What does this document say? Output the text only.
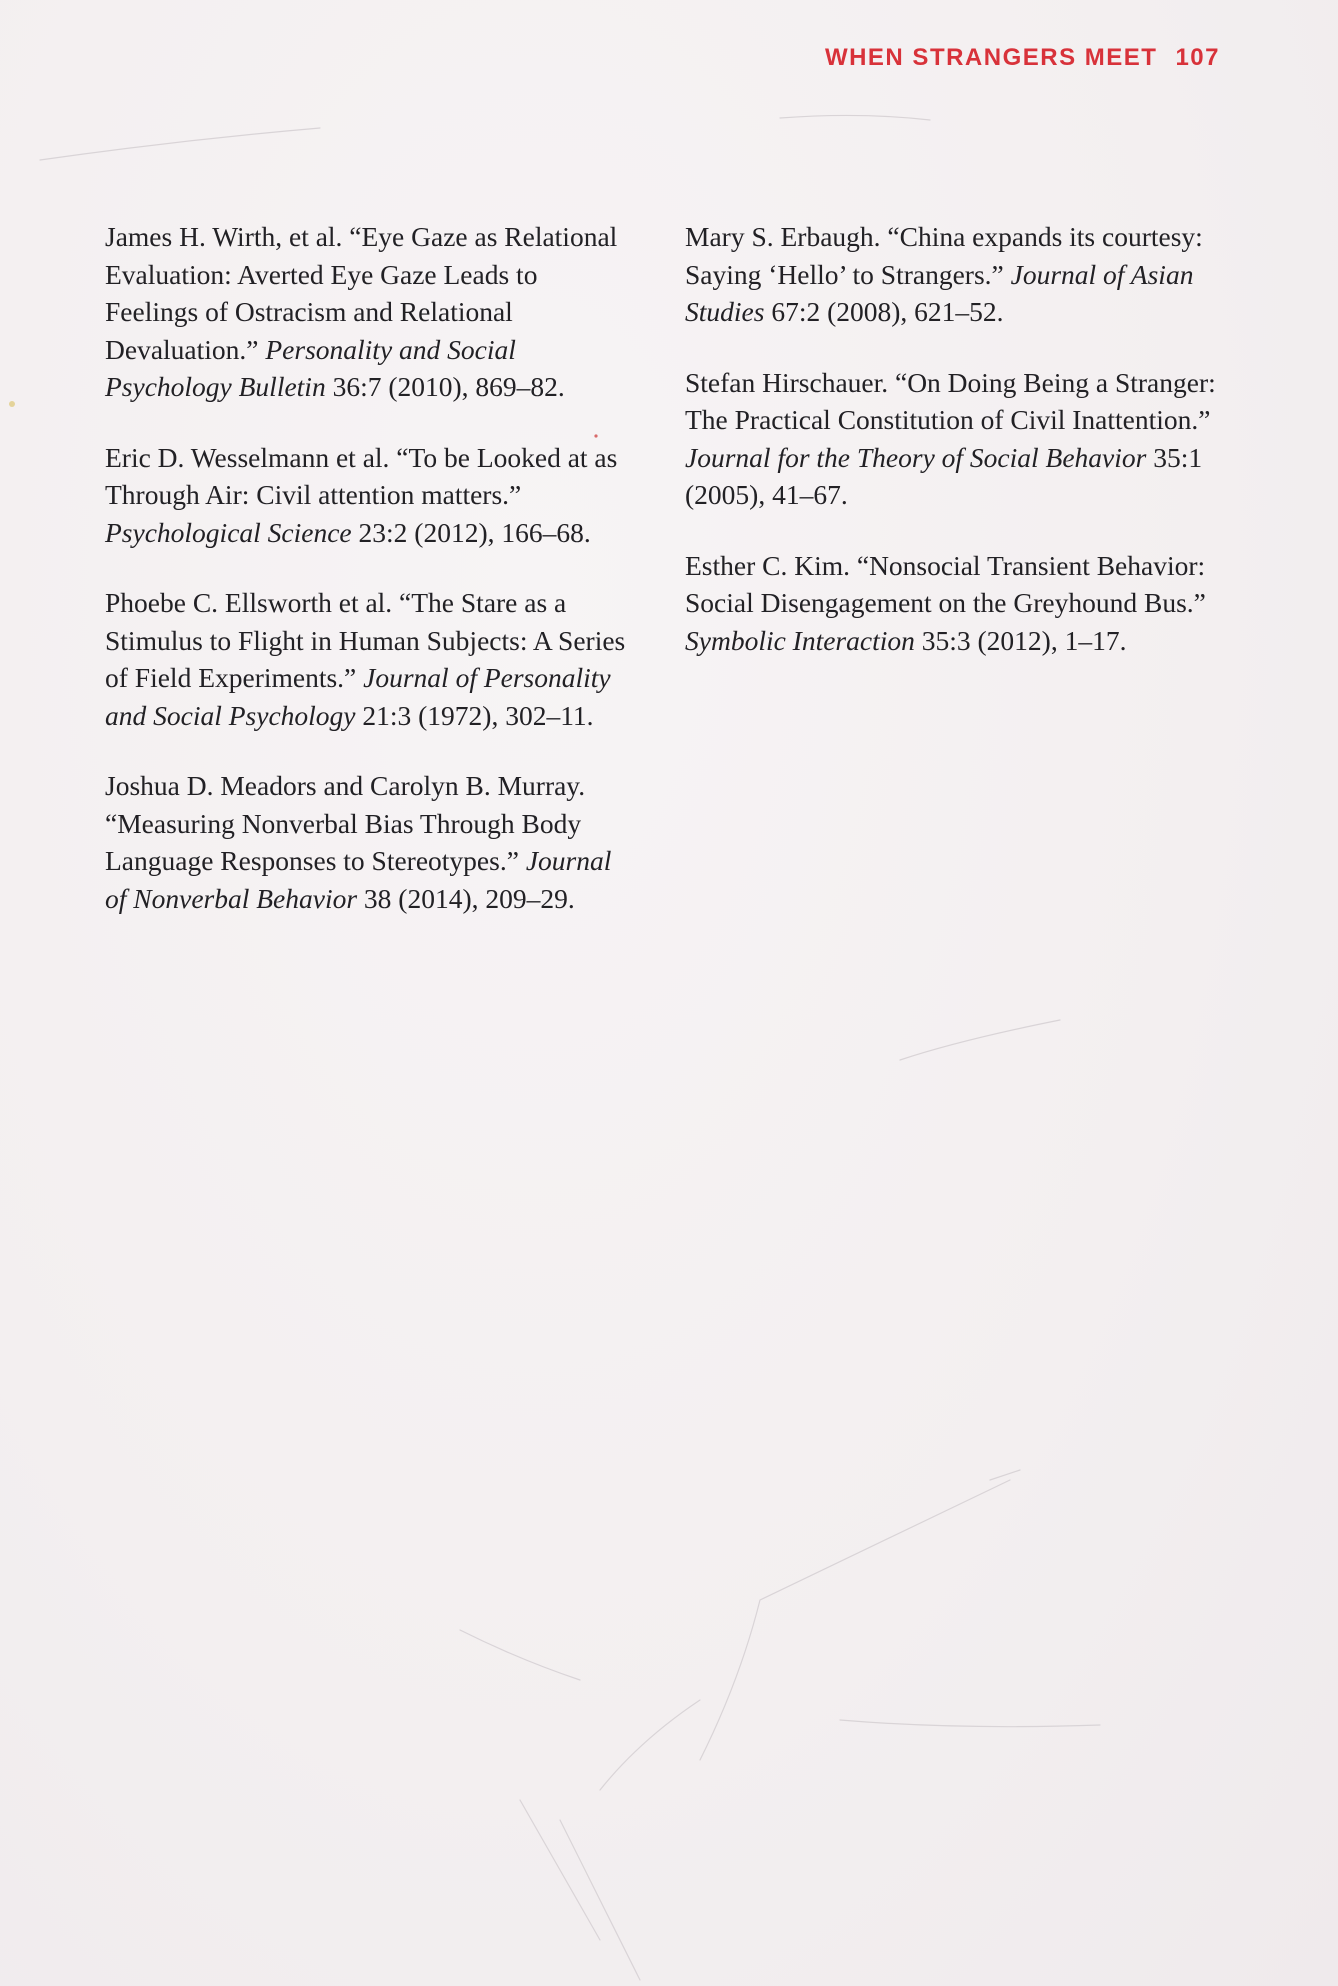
WHEN STRANGERS MEET 107

James H. Wirth, et al. “Eye Gaze as Relational Evaluation: Averted Eye Gaze Leads to Feelings of Ostracism and Relational Devaluation.” Personality and Social Psychology Bulletin 36:7 (2010), 869–82.

Eric D. Wesselmann et al. “To be Looked at as Through Air: Civil attention matters.” Psychological Science 23:2 (2012), 166–68.

Phoebe C. Ellsworth et al. “The Stare as a Stimulus to Flight in Human Subjects: A Series of Field Experiments.” Journal of Personality and Social Psychology 21:3 (1972), 302–11.

Joshua D. Meadors and Carolyn B. Murray. “Measuring Nonverbal Bias Through Body Language Responses to Stereotypes.” Journal of Nonverbal Behavior 38 (2014), 209–29.

Mary S. Erbaugh. “China expands its courtesy: Saying ‘Hello’ to Strangers.” Journal of Asian Studies 67:2 (2008), 621–52.

Stefan Hirschauer. “On Doing Being a Stranger: The Practical Constitution of Civil Inattention.” Journal for the Theory of Social Behavior 35:1 (2005), 41–67.

Esther C. Kim. “Nonsocial Transient Behavior: Social Disengagement on the Greyhound Bus.” Symbolic Interaction 35:3 (2012), 1–17.
